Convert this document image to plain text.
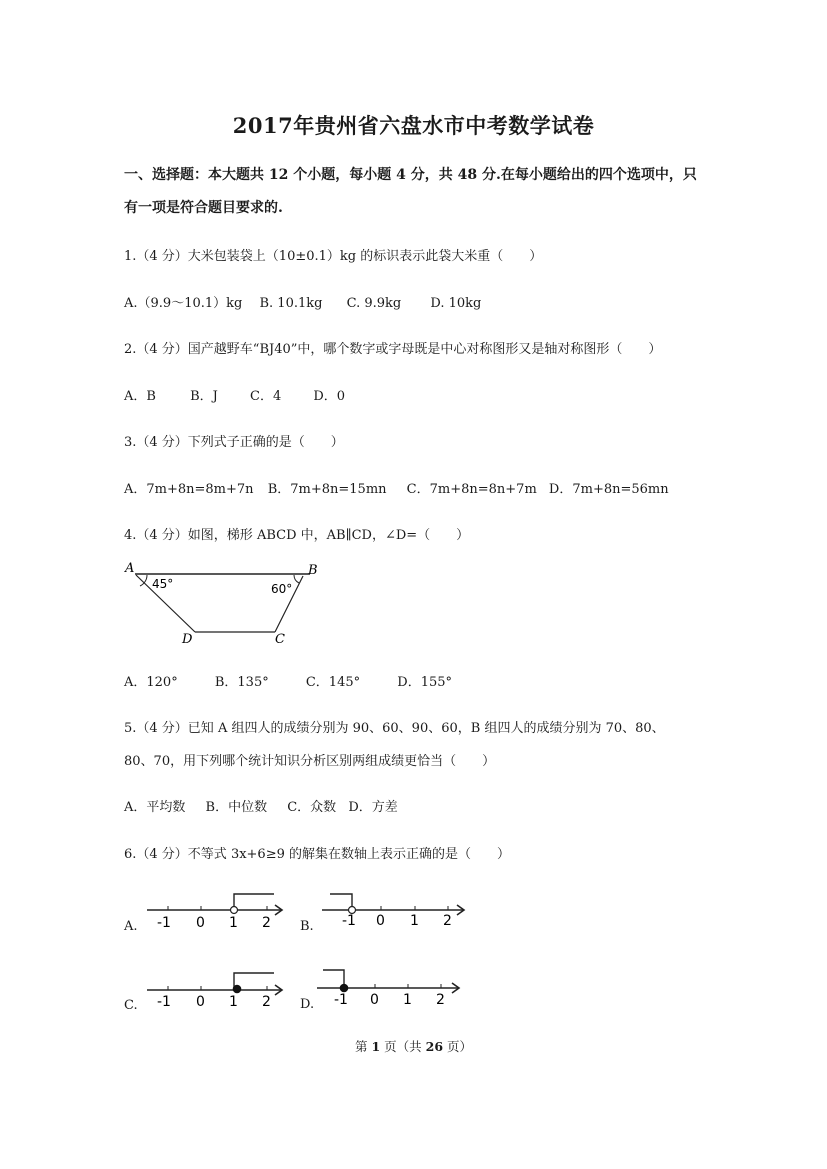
2017年贵州省六盘水市中考数学试卷
一、选择题：本大题共 12 个小题，每小题 4 分，共 48 分.在每小题给出的四个选项中，只
有一项是符合题目要求的.
1.（4 分）大米包装袋上（10±0.1）kg 的标识表示此袋大米重（　　）
A.（9.9～10.1）kg B. 10.1kg C. 9.9kg D. 10kg
2.（4 分）国产越野车“BJ40”中，哪个数字或字母既是中心对称图形又是轴对称图形（　　）
A．B	B．J C．4 D．0
3.（4 分）下列式子正确的是（　　）
A．7m+8n=8m+7n B．7m+8n=15mn C．7m+8n=8n+7m D．7m+8n=56mn
4.（4 分）如图，梯形 ABCD 中，AB∥CD，∠D=（　　）
A	B
D	C
45°	60°
A．120°	B．135°	C．145°	D．155°
5.（4 分）已知 A 组四人的成绩分别为 90、60、90、60，B 组四人的成绩分别为 70、80、
80、70，用下列哪个统计知识分析区别两组成绩更恰当（　　）
A．平均数 B．中位数 C．众数 D．方差
6.（4 分）不等式 3x+6≥9 的解集在数轴上表示正确的是（　　）
A. -1 0 1 2 B. -1 0 1 2
C. -1 0 1 2 D. -1 0 1 2
第 1 页（共 26 页）
